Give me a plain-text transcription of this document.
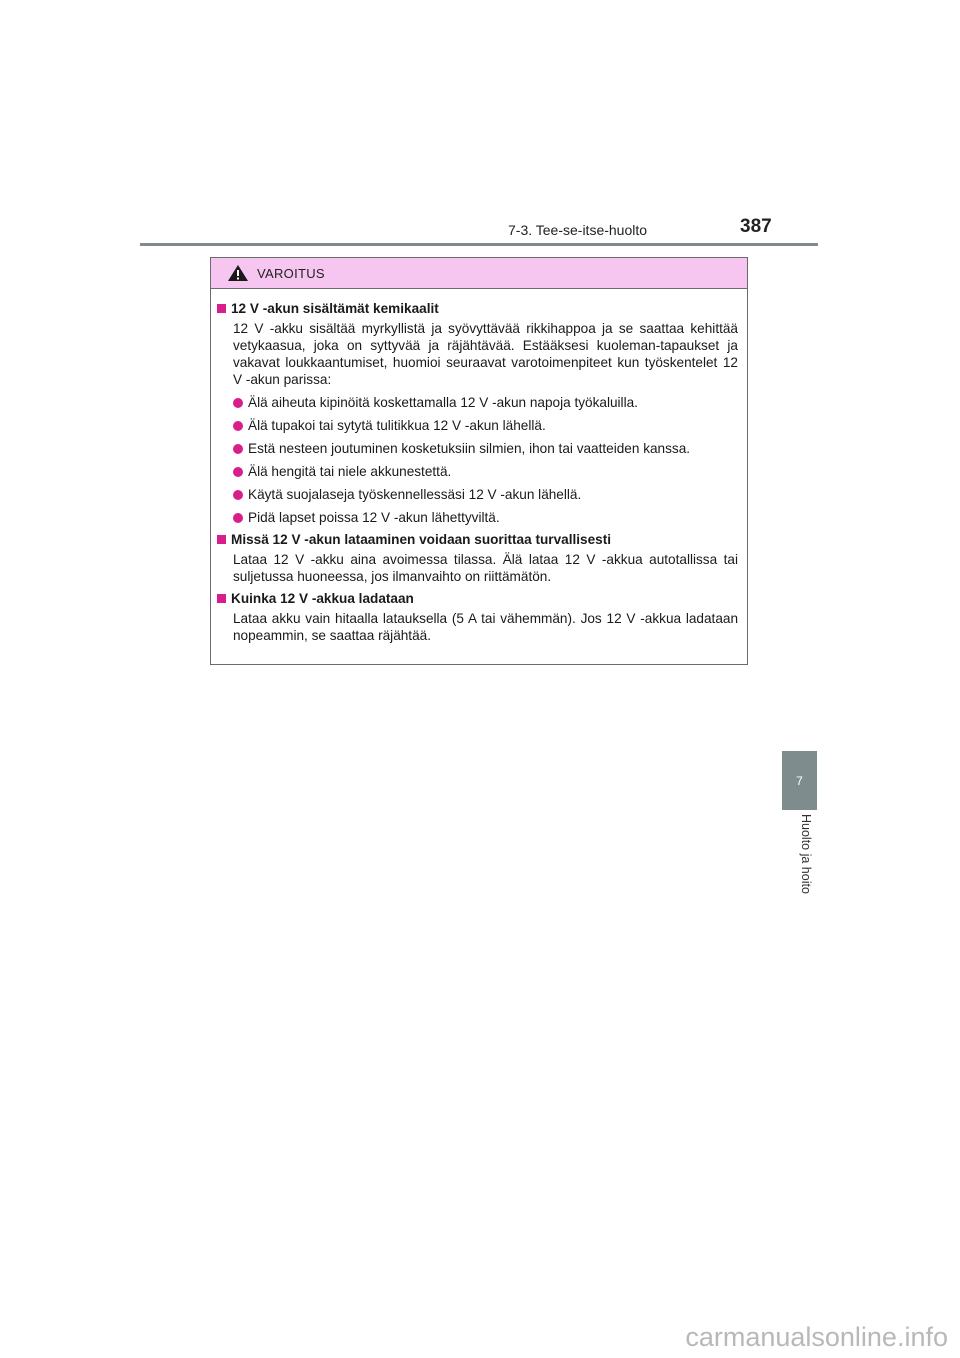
7-3. Tee-se-itse-huolto	387
VAROITUS
12 V -akun sisältämät kemikaalit
12 V -akku sisältää myrkyllistä ja syövyttävää rikkihappoa ja se saattaa kehittää vetykaasua, joka on syttyvää ja räjähtävää. Estääksesi kuoleman-tapaukset ja vakavat loukkaantumiset, huomioi seuraavat varotoimenpiteet kun työskentelet 12 V -akun parissa:
Älä aiheuta kipinöitä koskettamalla 12 V -akun napoja työkaluilla.
Älä tupakoi tai sytytä tulitikkua 12 V -akun lähellä.
Estä nesteen joutuminen kosketuksiin silmien, ihon tai vaatteiden kanssa.
Älä hengitä tai niele akkunestettä.
Käytä suojalaseja työskennellessäsi 12 V -akun lähellä.
Pidä lapset poissa 12 V -akun lähettyviltä.
Missä 12 V -akun lataaminen voidaan suorittaa turvallisesti
Lataa 12 V -akku aina avoimessa tilassa. Älä lataa 12 V -akkua autotallissa tai suljetussa huoneessa, jos ilmanvaihto on riittämätön.
Kuinka 12 V -akkua ladataan
Lataa akku vain hitaalla latauksella (5 A tai vähemmän). Jos 12 V -akkua ladataan nopeammin, se saattaa räjähtää.
7
Huolto ja hoito
carmanualsonline.info
